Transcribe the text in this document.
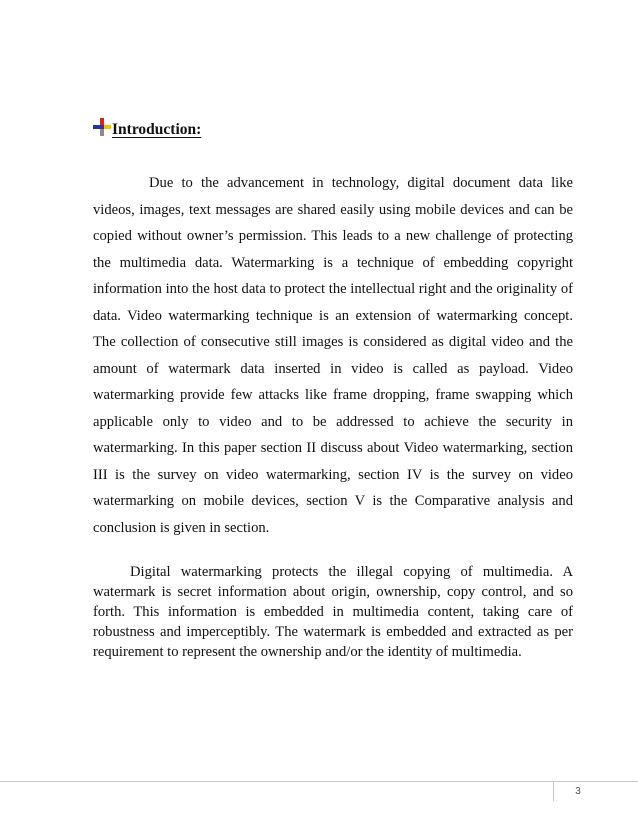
Introduction:

Due to the advancement in technology, digital document data like videos, images, text messages are shared easily using mobile devices and can be copied without owner’s permission. This leads to a new challenge of protecting the multimedia data. Watermarking is a technique of embedding copyright information into the host data to protect the intellectual right and the originality of data. Video watermarking technique is an extension of watermarking concept. The collection of consecutive still images is considered as digital video and the amount of watermark data inserted in video is called as payload. Video watermarking provide few attacks like frame dropping, frame swapping which applicable only to video and to be addressed to achieve the security in watermarking. In this paper section II discuss about Video watermarking, section III is the survey on video watermarking, section IV is the survey on video watermarking on mobile devices, section V is the Comparative analysis and conclusion is given in section.

Digital watermarking protects the illegal copying of multimedia. A watermark is secret information about origin, ownership, copy control, and so forth. This information is embedded in multimedia content, taking care of robustness and imperceptibly. The watermark is embedded and extracted as per requirement to represent the ownership and/or the identity of multimedia.

3
